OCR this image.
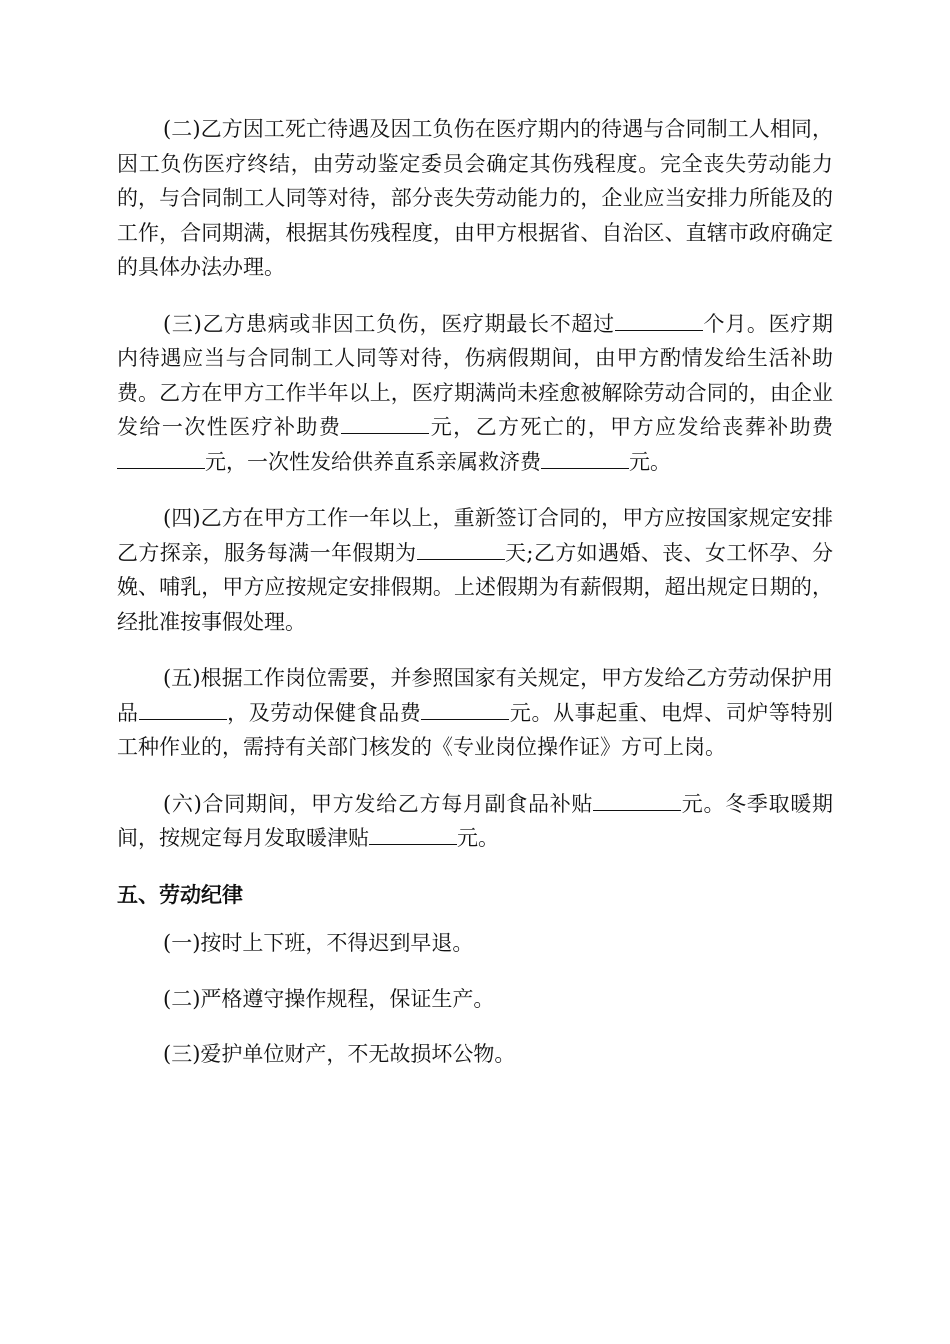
(二)乙方因工死亡待遇及因工负伤在医疗期内的待遇与合同制工人相同，因工负伤医疗终结，由劳动鉴定委员会确定其伤残程度。完全丧失劳动能力的，与合同制工人同等对待，部分丧失劳动能力的，企业应当安排力所能及的工作，合同期满，根据其伤残程度，由甲方根据省、自治区、直辖市政府确定的具体办法办理。

(三)乙方患病或非因工负伤，医疗期最长不超过	个月。医疗期内待遇应当与合同制工人同等对待，伤病假期间，由甲方酌情发给生活补助费。乙方在甲方工作半年以上，医疗期满尚未痊愈被解除劳动合同的，由企业发给一次性医疗补助费	元，乙方死亡的，甲方应发给丧葬补助费元，一次性发给供养直系亲属救济费	元。

(四)乙方在甲方工作一年以上，重新签订合同的，甲方应按国家规定安排乙方探亲，服务每满一年假期为	天;乙方如遇婚、丧、女工怀孕、分娩、哺乳，甲方应按规定安排假期。上述假期为有薪假期，超出规定日期的，经批准按事假处理。

(五)根据工作岗位需要，并参照国家有关规定，甲方发给乙方劳动保护用品	，及劳动保健食品费	元。从事起重、电焊、司炉等特别工种作业的，需持有关部门核发的《专业岗位操作证》方可上岗。

(六)合同期间，甲方发给乙方每月副食品补贴	元。冬季取暖期间，按规定每月发取暖津贴	元。

五、劳动纪律

(一)按时上下班，不得迟到早退。

(二)严格遵守操作规程，保证生产。

(三)爱护单位财产，不无故损坏公物。
